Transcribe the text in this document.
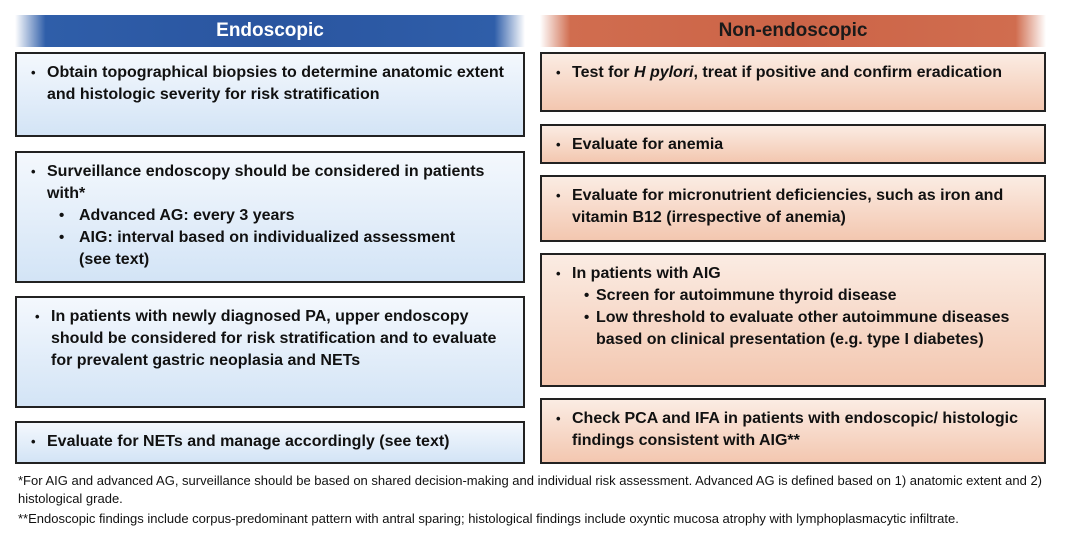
Endoscopic	Non-endoscopic
• Obtain topographical biopsies to determine anatomic extent and histologic severity for risk stratification
• Surveillance endoscopy should be considered in patients with*
• Advanced AG: every 3 years
• AIG: interval based on individualized assessment
(see text)
• In patients with newly diagnosed PA, upper endoscopy should be considered for risk stratification and to evaluate for prevalent gastric neoplasia and NETs
• Evaluate for NETs and manage accordingly (see text)
• Test for H pylori, treat if positive and confirm eradication
• Evaluate for anemia
• Evaluate for micronutrient deficiencies, such as iron and vitamin B12 (irrespective of anemia)
• In patients with AIG
• Screen for autoimmune thyroid disease
• Low threshold to evaluate other autoimmune diseases based on clinical presentation (e.g. type I diabetes)
• Check PCA and IFA in patients with endoscopic/ histologic findings consistent with AIG**
*For AIG and advanced AG, surveillance should be based on shared decision-making and individual risk assessment. Advanced AG is defined based on 1) anatomic extent and 2) histological grade.
**Endoscopic findings include corpus-predominant pattern with antral sparing; histological findings include oxyntic mucosa atrophy with lymphoplasmacytic infiltrate.
